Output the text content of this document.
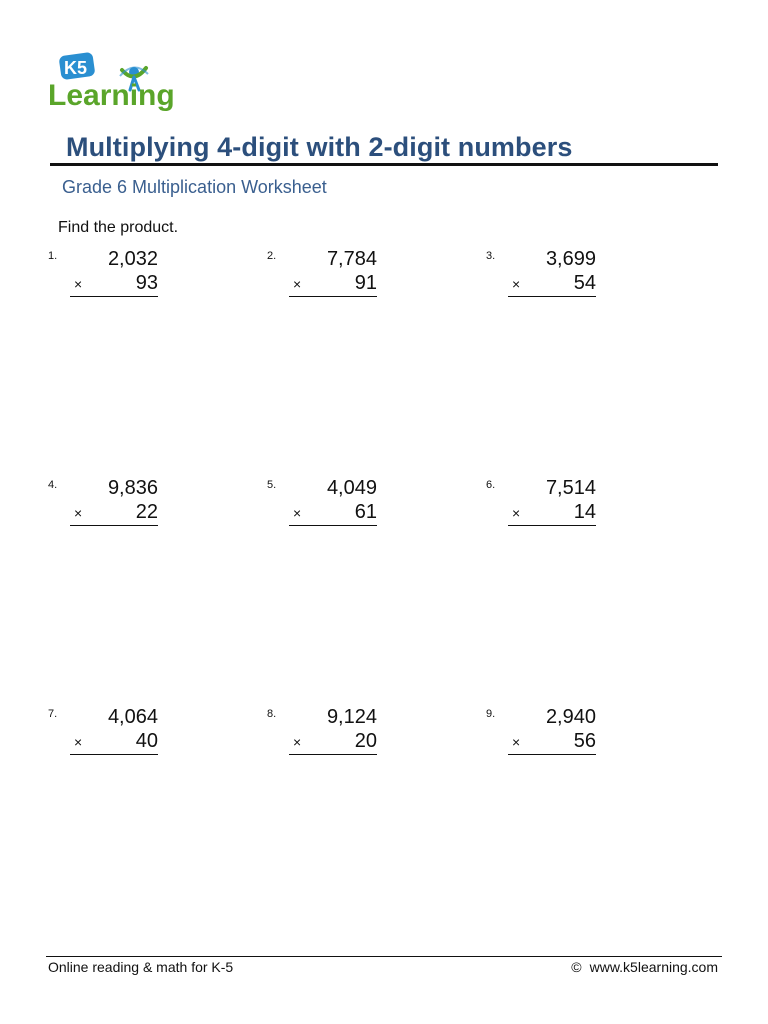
K5
Learning
Multiplying 4-digit with 2-digit numbers
Grade 6 Multiplication Worksheet
Find the product.
1.	2,032
×	93
2.	7,784
×	91
3.	3,699
×	54
4.	9,836
×	22
5.	4,049
×	61
6.	7,514
×	14
7.	4,064
×	40
8.	9,124
×	20
9.	2,940
×	56
Online reading & math for K-5	© www.k5learning.com
